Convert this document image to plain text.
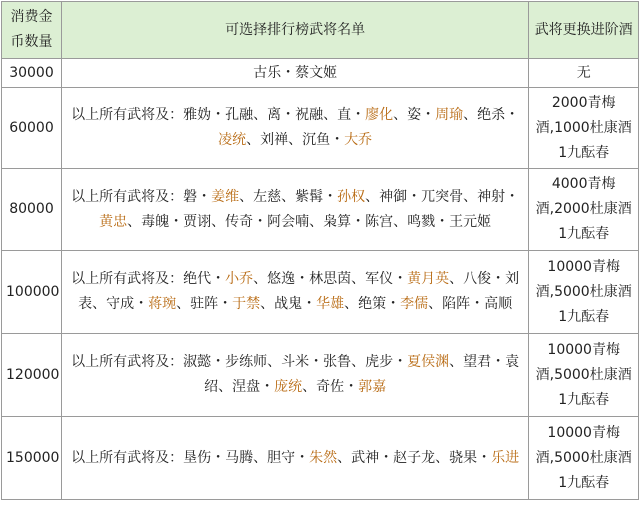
消费金币数量	可选择排行榜武将名单	武将更换进阶酒
30000	古乐・蔡文姬	无
60000	以上所有武将及：雅妫・孔融、离・祝融、直・廖化、姿・周瑜、绝杀・凌统、刘禅、沉鱼・大乔	2000青梅酒,1000杜康酒1九酝春
80000	以上所有武将及：磐・姜维、左慈、紫髯・孙权、神御・兀突骨、神射・黄忠、毒魄・贾诩、传奇・阿会喃、枭算・陈宫、鸣戮・王元姬	4000青梅酒,2000杜康酒1九酝春
100000	以上所有武将及：绝代・小乔、悠逸・林思茵、军仪・黄月英、八俊・刘表、守成・蒋琬、驻阵・于禁、战鬼・华雄、绝策・李儒、陷阵・高顺	10000青梅酒,5000杜康酒1九酝春
120000	以上所有武将及：淑懿・步练师、斗米・张鲁、虎步・夏侯渊、望君・袁绍、涅盘・庞统、奇佐・郭嘉	10000青梅酒,5000杜康酒1九酝春
150000	以上所有武将及：垦伤・马腾、胆守・朱然、武神・赵子龙、骁果・乐进	10000青梅酒,5000杜康酒1九酝春
